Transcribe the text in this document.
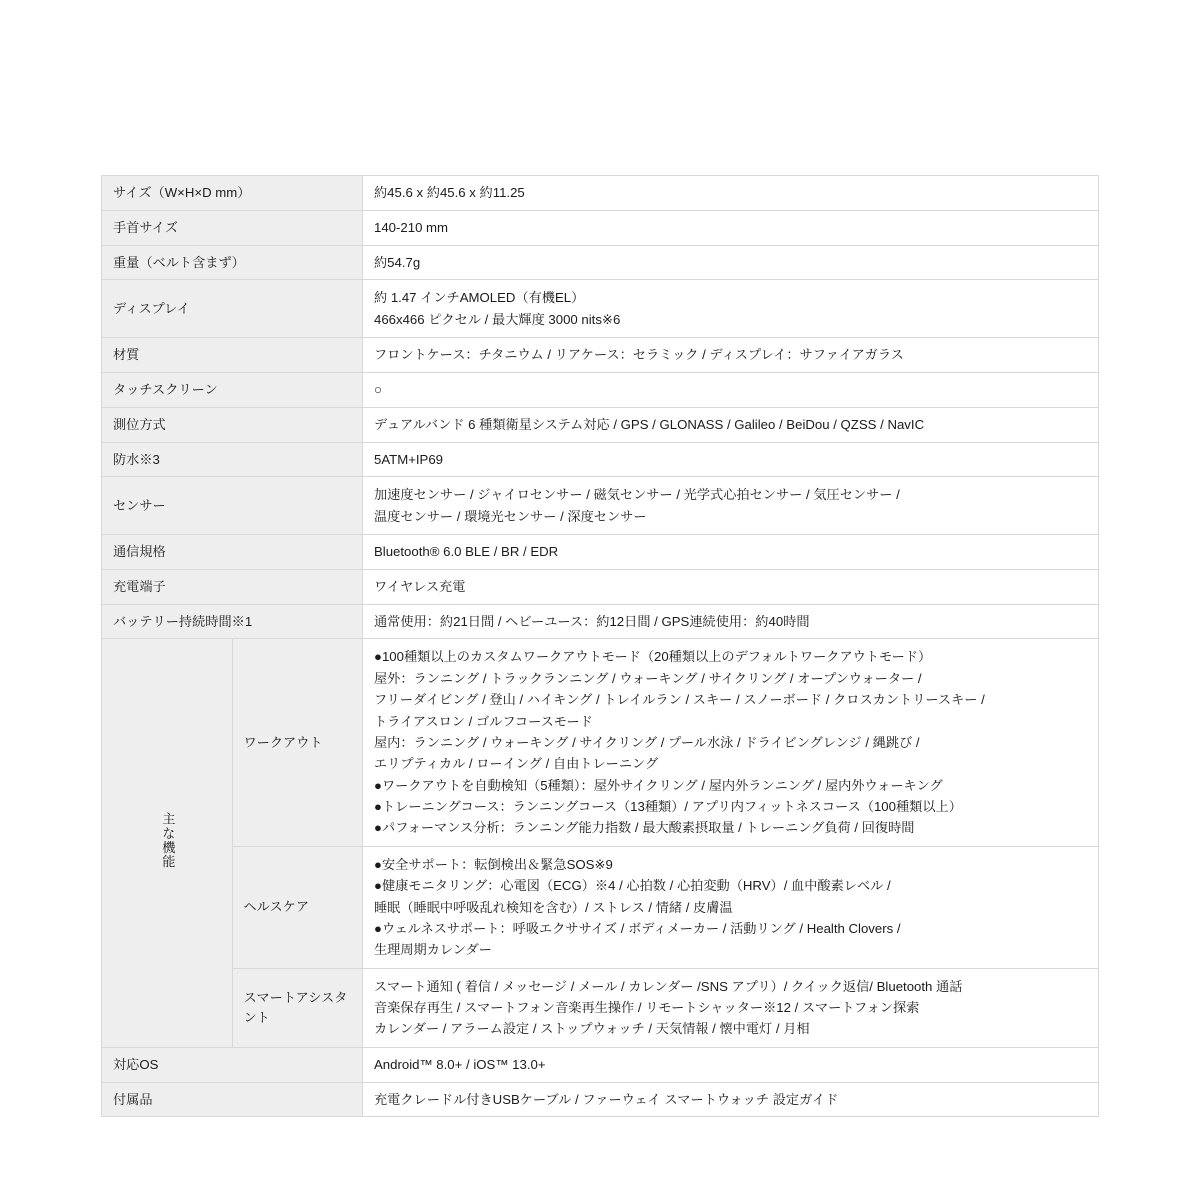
サイズ（W×H×D mm）		約45.6 x 約45.6 x 約11.25

手首サイズ		140-210 mm

重量（ベルト含まず）		約54.7g

ディスプレイ		約 1.47 インチAMOLED（有機EL）
466x466 ピクセル / 最大輝度 3000 nits※6

材質		フロントケース：チタニウム / リアケース：セラミック / ディスプレイ：サファイアガラス

タッチスクリーン		○

測位方式		デュアルバンド 6 種類衛星システム対応 / GPS / GLONASS / Galileo / BeiDou / QZSS / NavIC

防水※3		5ATM+IP69

センサー		加速度センサー / ジャイロセンサー / 磁気センサー / 光学式心拍センサー / 気圧センサー /
温度センサー / 環境光センサー / 深度センサー

通信規格		Bluetooth® 6.0 BLE / BR / EDR

充電端子		ワイヤレス充電

バッテリー持続時間※1		通常使用：約21日間 / ヘビーユース：約12日間 / GPS連続使用：約40時間

主な機能	ワークアウト	
●100種類以上のカスタムワークアウトモード（20種類以上のデフォルトワークアウトモード）
屋外：ランニング / トラックランニング / ウォーキング / サイクリング / オープンウォーター /
フリーダイビング / 登山 / ハイキング / トレイルラン / スキー / スノーボード / クロスカントリースキー /
トライアスロン / ゴルフコースモード
屋内：ランニング / ウォーキング / サイクリング / プール水泳 / ドライビングレンジ / 縄跳び /
エリプティカル / ローイング / 自由トレーニング
●ワークアウトを自動検知（5種類）：屋外サイクリング / 屋内外ランニング / 屋内外ウォーキング
●トレーニングコース：ランニングコース（13種類）/ アプリ内フィットネスコース（100種類以上）
●パフォーマンス分析：ランニング能力指数 / 最大酸素摂取量 / トレーニング負荷 / 回復時間

	ヘルスケア	●安全サポート：転倒検出＆緊急SOS※9
●健康モニタリング：心電図（ECG）※4 / 心拍数 / 心拍変動（HRV）/ 血中酸素レベル /
睡眠（睡眠中呼吸乱れ検知を含む）/ ストレス / 情緒 / 皮膚温
●ウェルネスサポート：呼吸エクササイズ / ボディメーカー / 活動リング / Health Clovers /
生理周期カレンダー

	スマートアシスタント	スマート通知 ( 着信 / メッセージ / メール / カレンダー /SNS アプリ）/ クイック返信/ Bluetooth 通話
音楽保存再生 / スマートフォン音楽再生操作 / リモートシャッター※12 / スマートフォン探索
カレンダー / アラーム設定 / ストップウォッチ / 天気情報 / 懐中電灯 / 月相

対応OS		Android™ 8.0+ / iOS™ 13.0+

付属品		充電クレードル付きUSBケーブル / ファーウェイ スマートウォッチ 設定ガイド
